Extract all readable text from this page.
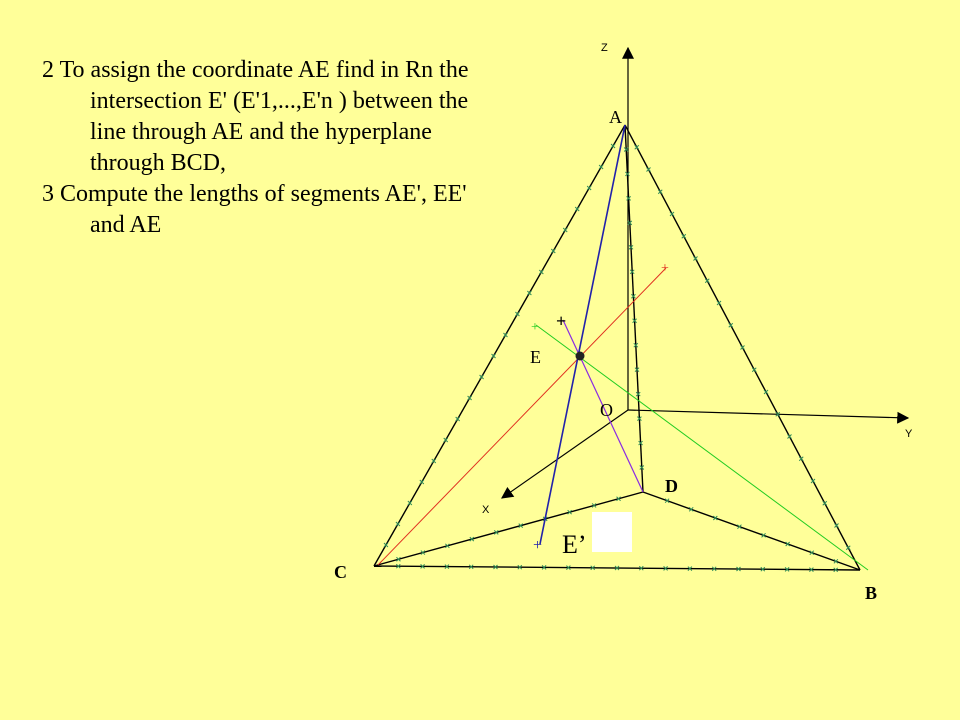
2 To assign the coordinate AE find in Rn the intersection E' (E'1,...,E'n ) between the line through AE and the hyperplane through BCD,

3 Compute the lengths of segments AE', EE' and AE

+
+ +
+
Z
Y
X
A
B
C
D
O
E
E’
